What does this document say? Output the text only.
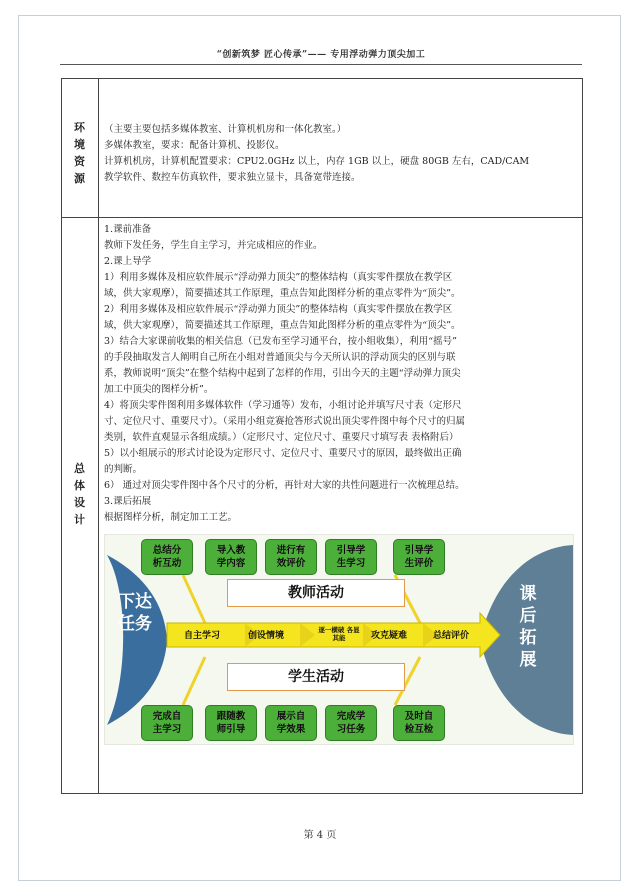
“创新筑梦 匠心传承”—— 专用浮动弹力顶尖加工
环
境
资
源

（主要主要包括多媒体教室、计算机机房和一体化教室。）

多媒体教室，要求：配备计算机、投影仪。

计算机机房，计算机配置要求：CPU2.0GHz 以上，内存 1GB 以上，硬盘 80GB 左右，CAD/CAM

教学软件、数控车仿真软件，要求独立显卡，具备宽带连接。

总
体
设
计

1.课前准备

教师下发任务，学生自主学习，并完成相应的作业。

2.课上导学

1）利用多媒体及相应软件展示“浮动弹力顶尖”的整体结构（真实零件摆放在教学区

域，供大家观摩），简要描述其工作原理，重点告知此图样分析的重点零件为“顶尖”。

2）利用多媒体及相应软件展示“浮动弹力顶尖”的整体结构（真实零件摆放在教学区

域，供大家观摩），简要描述其工作原理，重点告知此图样分析的重点零件为“顶尖”。

3）结合大家课前收集的相关信息（已发布至学习通平台，按小组收集），利用“摇号”

的手段抽取发言人阐明自己所在小组对普通顶尖与今天所认识的浮动顶尖的区别与联

系，教师说明“顶尖”在整个结构中起到了怎样的作用，引出今天的主题“浮动弹力顶尖

加工中顶尖的图样分析”。

4）将顶尖零件图利用多媒体软件（学习通等）发布，小组讨论并填写尺寸表（定形尺

寸、定位尺寸、重要尺寸）。（采用小组竞赛抢答形式说出顶尖零件图中每个尺寸的归属

类别，软件直观显示各组成绩。）（定形尺寸、定位尺寸、重要尺寸填写表 表格附后）

5）以小组展示的形式讨论设为定形尺寸、定位尺寸、重要尺寸的原因，最终做出正确

的判断。

6） 通过对顶尖零件图中各个尺寸的分析，再针对大家的共性问题进行一次梳理总结。

3.课后拓展

根据图样分析，制定加工工艺。

总结分
析互动
导入教
学内容
进行有
效评价
引导学
生学习
引导学
生评价
教师活动
学生活动
自主学习	创设情境
逐一横破 各显其能	攻克疑难	总结评价
完成自
主学习
跟随教
师引导
展示自
学效果
完成学
习任务
及时自
检互检
下达
任务
课
后
拓
展
第 4 页
